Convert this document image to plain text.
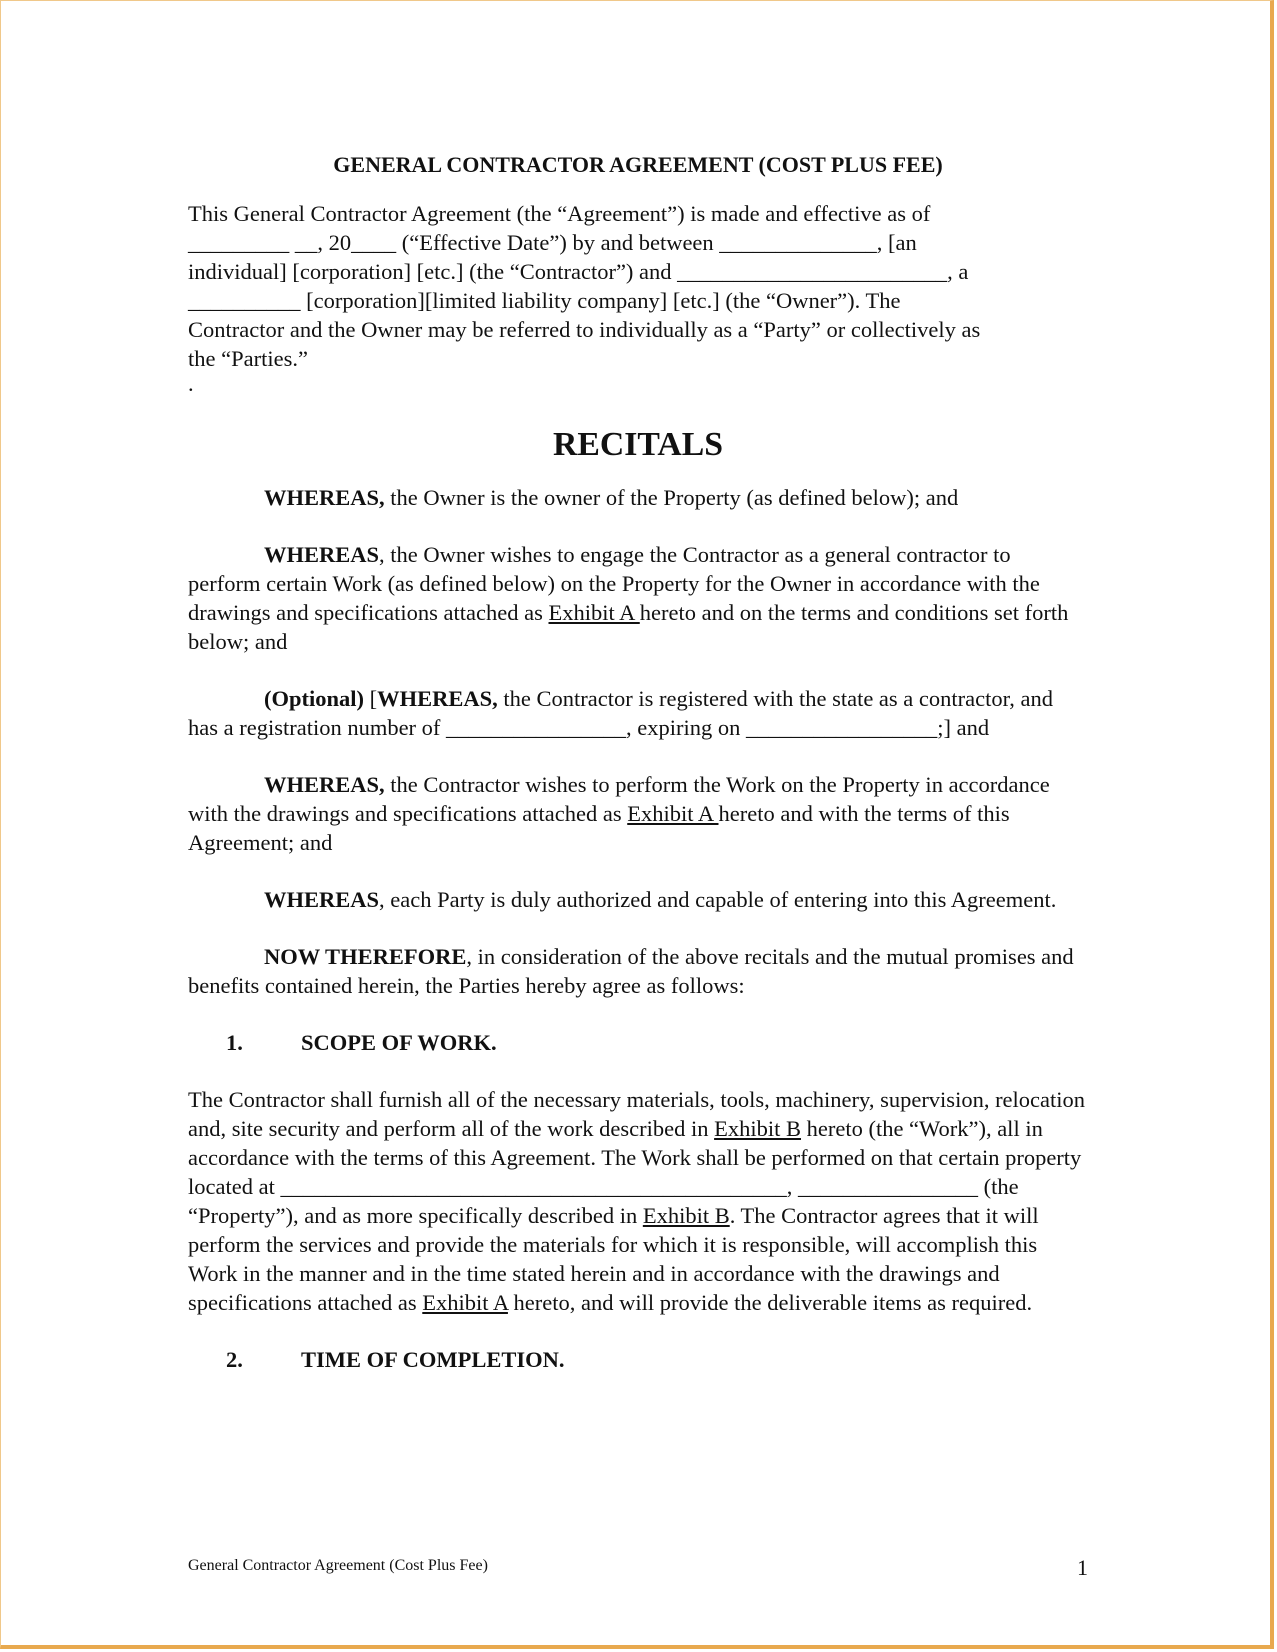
GENERAL CONTRACTOR AGREEMENT (COST PLUS FEE)

This General Contractor Agreement (the “Agreement”) is made and effective as of

_________ __, 20____ (“Effective Date”) by and between ______________, [an

individual] [corporation] [etc.] (the “Contractor”) and ________________________, a

__________ [corporation][limited liability company] [etc.] (the “Owner”). The

Contractor and the Owner may be referred to individually as a “Party” or collectively as

the “Parties.”

.

RECITALS

WHEREAS, the Owner is the owner of the Property (as defined below); and

WHEREAS, the Owner wishes to engage the Contractor as a general contractor to perform certain Work (as defined below) on the Property for the Owner in accordance with the drawings and specifications attached as Exhibit A hereto and on the terms and conditions set forth below; and

(Optional) [WHEREAS, the Contractor is registered with the state as a contractor, and has a registration number of ________________, expiring on _________________;] and

WHEREAS, the Contractor wishes to perform the Work on the Property in accordance with the drawings and specifications attached as Exhibit A hereto and with the terms of this Agreement; and

WHEREAS, each Party is duly authorized and capable of entering into this Agreement.

NOW THEREFORE, in consideration of the above recitals and the mutual promises and benefits contained herein, the Parties hereby agree as follows:

1.	SCOPE OF WORK.

The Contractor shall furnish all of the necessary materials, tools, machinery, supervision, relocation and, site security and perform all of the work described in Exhibit B hereto (the “Work”), all in accordance with the terms of this Agreement. The Work shall be performed on that certain property located at _____________________________________________, ________________ (the “Property”), and as more specifically described in Exhibit B. The Contractor agrees that it will perform the services and provide the materials for which it is responsible, will accomplish this Work in the manner and in the time stated herein and in accordance with the drawings and specifications attached as Exhibit A hereto, and will provide the deliverable items as required.

2.	TIME OF COMPLETION.

General Contractor Agreement (Cost Plus Fee)	1
